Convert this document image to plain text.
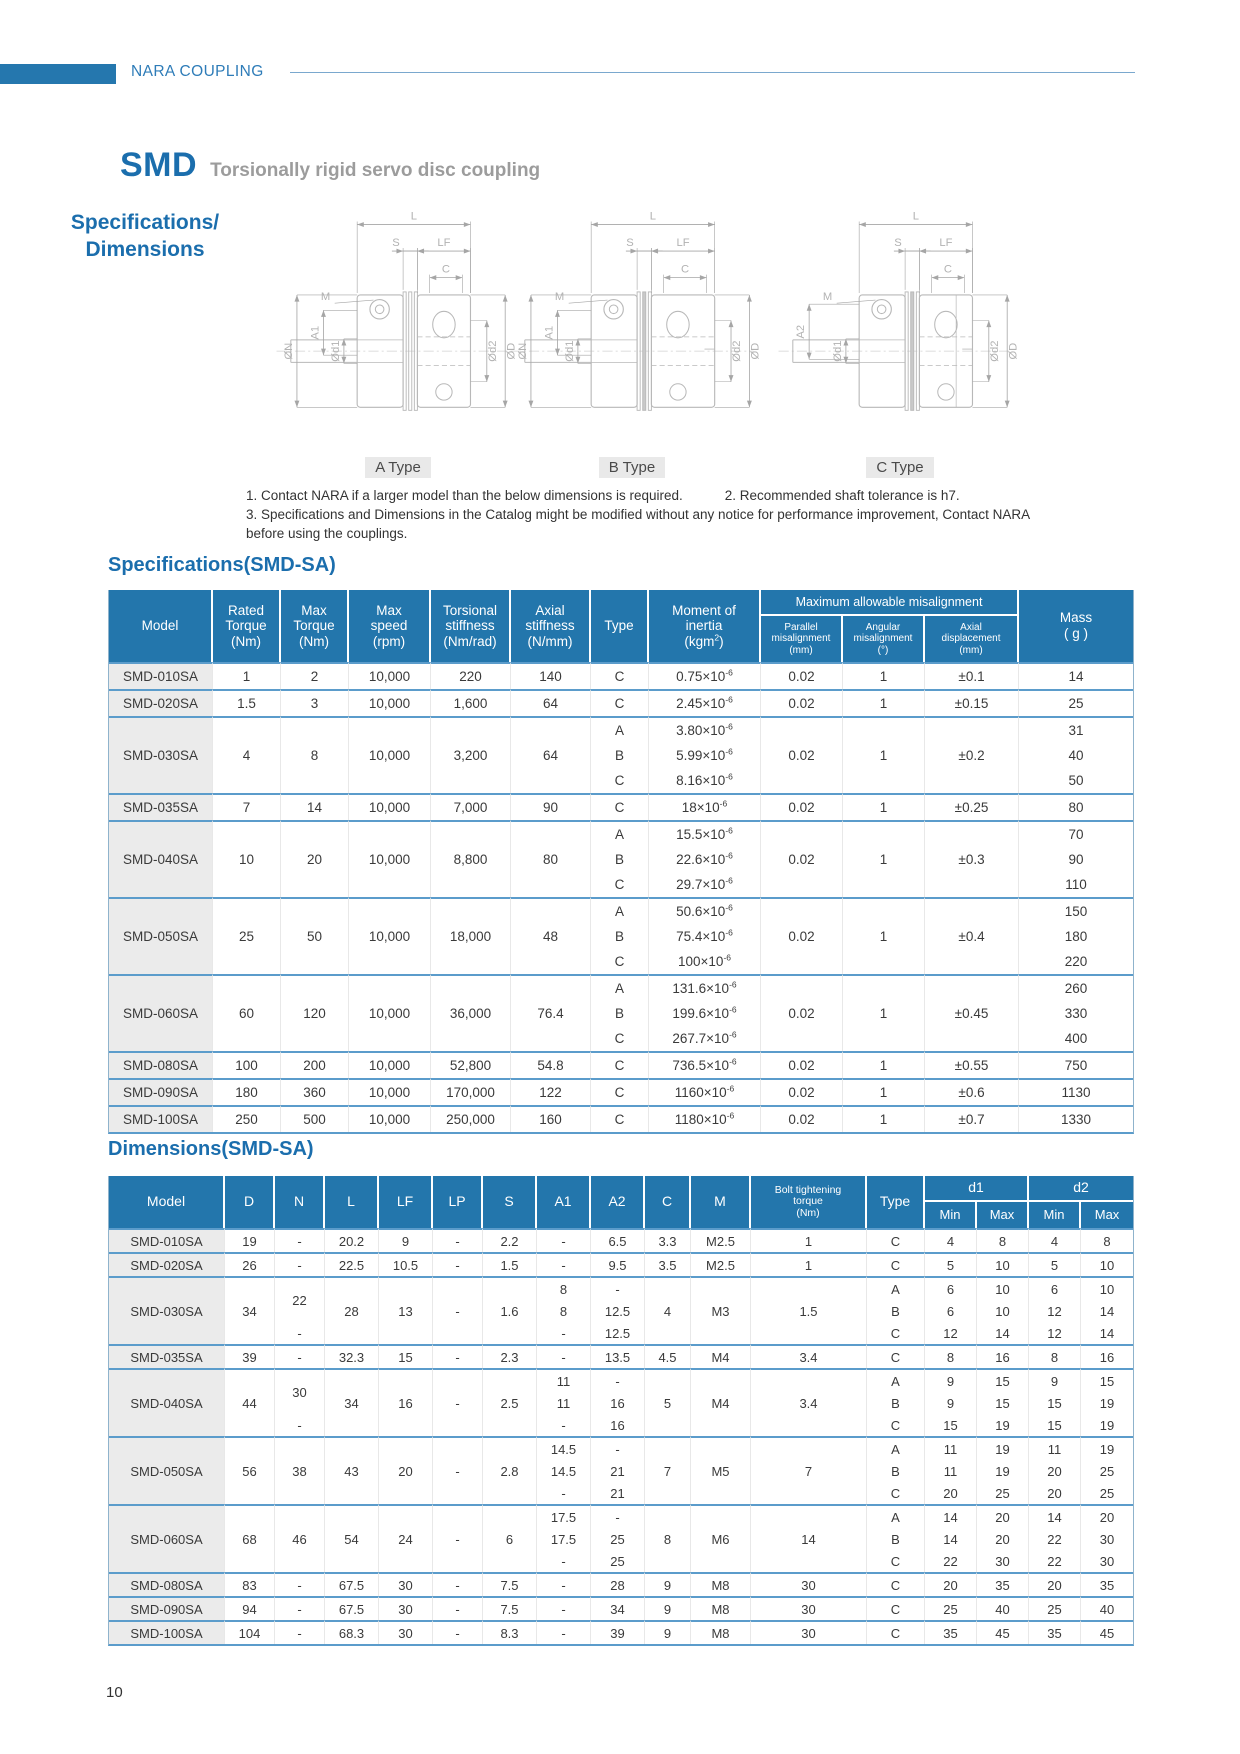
NARA COUPLING
SMD Torsionally rigid servo disc coupling
Specifications/
Dimensions
L
S	LF
C
M
ØN
A1
Ød1	Ød2 ØD
A Type
L
S	LF
C
M
ØN
A1
Ød1	Ød2 ØD
B Type
L
S	LF
C
M
A2
Ød1	Ød2 ØD
C Type
1. Contact NARA if a larger model than the below dimensions is required.	2. Recommended shaft tolerance is h7.
3. Specifications and Dimensions in the Catalog might be modified without any notice for performance improvement, Contact NARA before using the couplings.
Specifications(SMD-SA)
Model	Rated
Torque
(Nm)	Max
Torque
(Nm)	Max
speed
(rpm)	Torsional
stiffness
(Nm/rad)	Axial
stiffness
(N/mm)	Type	Moment of
inertia
(kgm$^2$)	Maximum allowable misalignment			Mass
( g )
								Parallel
misalignment
(mm)	Angular
misalignment
(°)	Axial
displacement
(mm)	
SMD-010SA	1	2	10,000	220	140	C	$0.75\times 10^{-6}$	0.02	1	±0.1	14
SMD-020SA	1.5	3	10,000	1,600	64	C	$2.45\times 10^{-6}$	0.02	1	±0.15	25
SMD-030SA	4	8	10,000	3,200	64	A	$3.80\times 10^{-6}$	0.02	1	±0.2	31
						B	$5.99\times 10^{-6}$				40
						C	$8.16\times 10^{-6}$				50
SMD-035SA	7	14	10,000	7,000	90	C	$18\times 10^{-6}$	0.02	1	±0.25	80
SMD-040SA	10	20	10,000	8,800	80	A	$15.5\times 10^{-6}$	0.02	1	±0.3	70
						B	$22.6\times 10^{-6}$				90
						C	$29.7\times 10^{-6}$				110
SMD-050SA	25	50	10,000	18,000	48	A	$50.6\times 10^{-6}$	0.02	1	±0.4	150
						B	$75.4\times 10^{-6}$				180
						C	$100\times 10^{-6}$				220
SMD-060SA	60	120	10,000	36,000	76.4	A	$131.6\times 10^{-6}$	0.02	1	±0.45	260
						B	$199.6\times 10^{-6}$				330
						C	$267.7\times 10^{-6}$				400
SMD-080SA	100	200	10,000	52,800	54.8	C	$736.5\times 10^{-6}$	0.02	1	±0.55	750
SMD-090SA	180	360	10,000	170,000	122	C	$1160\times 10^{-6}$	0.02	1	±0.6	1130
SMD-100SA	250	500	10,000	250,000	160	C	$1180\times 10^{-6}$	0.02	1	±0.7	1330
Dimensions(SMD-SA)
Model	D	N	L	LF	LP	S	A1	A2	C	M	Bolt tightening
torque
(Nm)	Type	d1		d2	
													Min	Max	Min	Max
SMD-010SA	19	-	20.2	9	-	2.2	-	6.5	3.3	M2.5	1	C	4	8	4	8
SMD-020SA	26	-	22.5	10.5	-	1.5	-	9.5	3.5	M2.5	1	C	5	10	5	10
SMD-030SA	34	22	28	13	-	1.6	8	-	4	M3	1.5	A	6	10	6	10
							8	12.5				B	6	10	12	14
		-					-	12.5				C	12	14	12	14
SMD-035SA	39	-	32.3	15	-	2.3	-	13.5	4.5	M4	3.4	C	8	16	8	16
SMD-040SA	44	30	34	16	-	2.5	11	-	5	M4	3.4	A	9	15	9	15
							11	16				B	9	15	15	19
		-					-	16				C	15	19	15	19
SMD-050SA	56	38	43	20	-	2.8	14.5	-	7	M5	7	A	11	19	11	19
							14.5	21				B	11	19	20	25
							-	21				C	20	25	20	25
SMD-060SA	68	46	54	24	-	6	17.5	-	8	M6	14	A	14	20	14	20
							17.5	25				B	14	20	22	30
							-	25				C	22	30	22	30
SMD-080SA	83	-	67.5	30	-	7.5	-	28	9	M8	30	C	20	35	20	35
SMD-090SA	94	-	67.5	30	-	7.5	-	34	9	M8	30	C	25	40	25	40
SMD-100SA	104	-	68.3	30	-	8.3	-	39	9	M8	30	C	35	45	35	45
10
